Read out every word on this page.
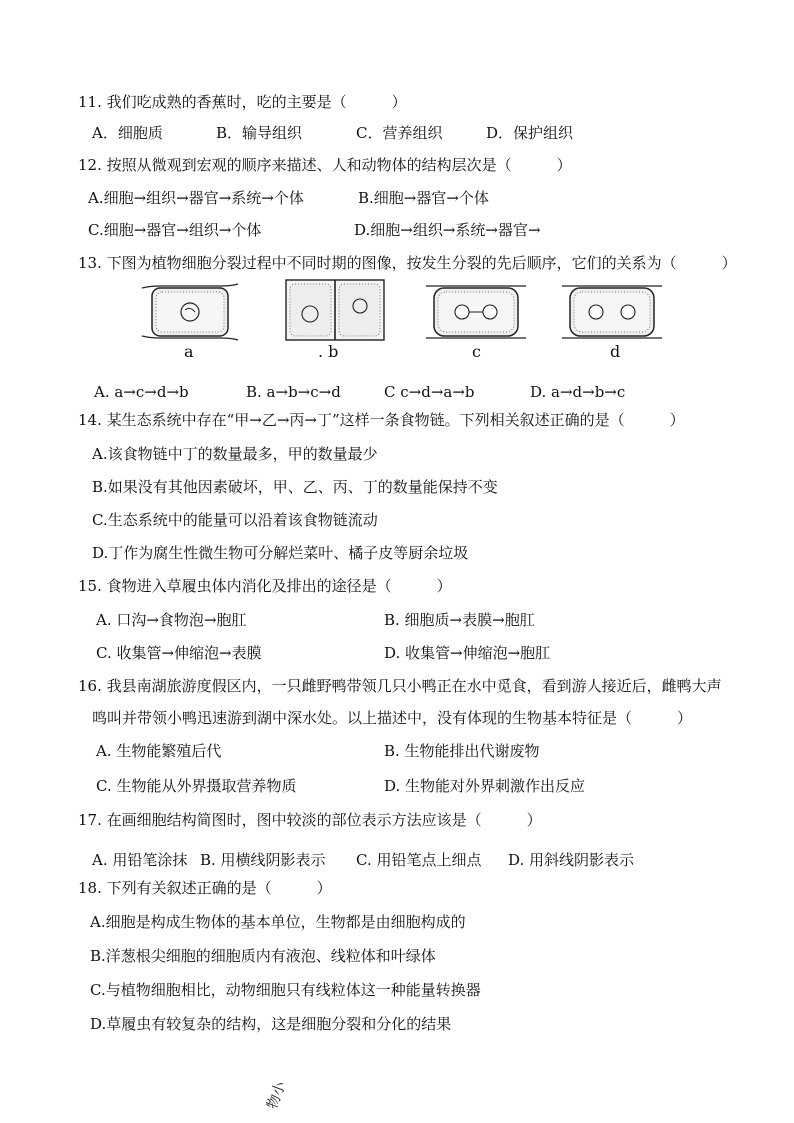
11. 我们吃成熟的香蕉时，吃的主要是（　　　）
A．细胞质	B．输导组织	C．营养组织	D．保护组织
12. 按照从微观到宏观的顺序来描述、人和动物体的结构层次是（　　　）
A.细胞→组织→器官→系统→个体	B.细胞→器官→个体
C.细胞→器官→组织→个体	D.细胞→组织→系统→器官→
13. 下图为植物细胞分裂过程中不同时期的图像，按发生分裂的先后顺序，它们的关系为（　　　）
a	. b	c	d
A. a→c→d→b	B. a→b→c→d	C c→d→a→b	D. a→d→b→c
14. 某生态系统中存在“甲→乙→丙→丁”这样一条食物链。下列相关叙述正确的是（　　　）
A.该食物链中丁的数量最多，甲的数量最少
B.如果没有其他因素破坏，甲、乙、丙、丁的数量能保持不变
C.生态系统中的能量可以沿着该食物链流动
D.丁作为腐生性微生物可分解烂菜叶、橘子皮等厨余垃圾
15. 食物进入草履虫体内消化及排出的途径是（　　　）
A. 口沟→食物泡→胞肛	B. 细胞质→表膜→胞肛
C. 收集管→伸缩泡→表膜	D. 收集管→伸缩泡→胞肛
16. 我县南湖旅游度假区内，一只雌野鸭带领几只小鸭正在水中觅食，看到游人接近后，雌鸭大声
鸣叫并带领小鸭迅速游到湖中深水处。以上描述中，没有体现的生物基本特征是（　　　）
A. 生物能繁殖后代	B. 生物能排出代谢废物
C. 生物能从外界摄取营养物质	D. 生物能对外界刺激作出反应
17. 在画细胞结构简图时，图中较淡的部位表示方法应该是（　　　）
A. 用铅笔涂抹 B. 用横线阴影表示 C. 用铅笔点上细点 D. 用斜线阴影表示
18. 下列有关叙述正确的是（　　　）
A.细胞是构成生物体的基本单位，生物都是由细胞构成的
B.洋葱根尖细胞的细胞质内有液泡、线粒体和叶绿体
C.与植物细胞相比，动物细胞只有线粒体这一种能量转换器
D.草履虫有较复杂的结构，这是细胞分裂和分化的结果
物小
